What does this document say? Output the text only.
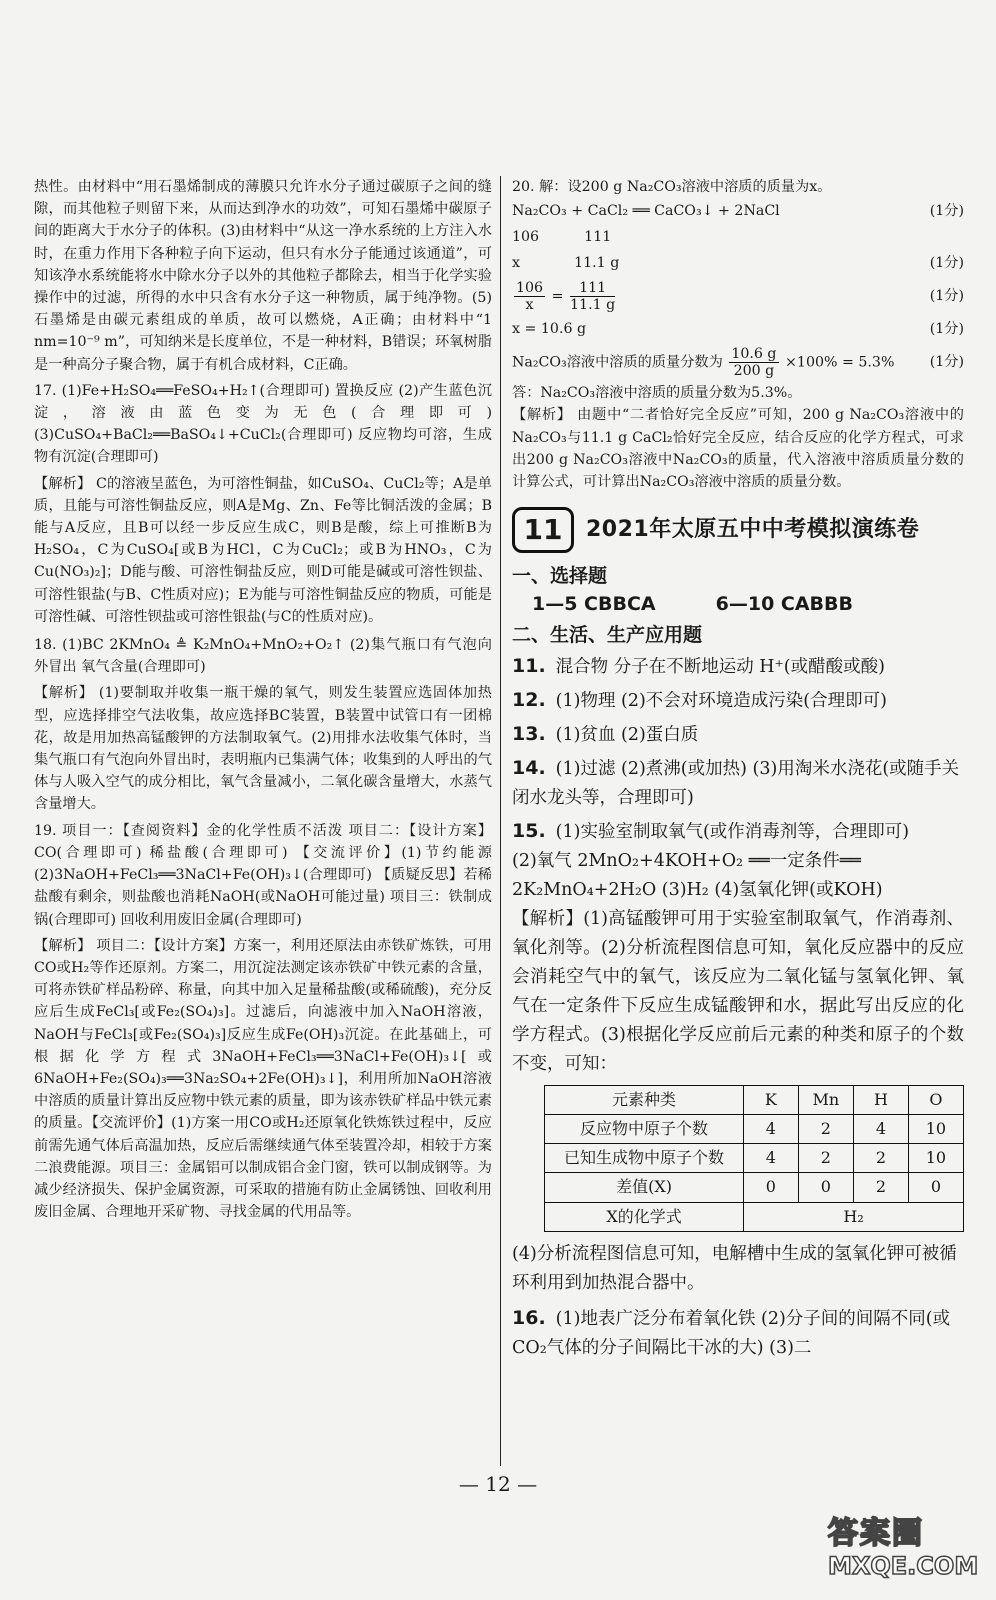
热性。由材料中“用石墨烯制成的薄膜只允许水分子通过碳原子之间的缝隙，而其他粒子则留下来，从而达到净水的功效”，可知石墨烯中碳原子间的距离大于水分子的体积。(3)由材料中“从这一净水系统的上方注入水时，在重力作用下各种粒子向下运动，但只有水分子能通过该通道”，可知该净水系统能将水中除水分子以外的其他粒子都除去，相当于化学实验操作中的过滤，所得的水中只含有水分子这一种物质，属于纯净物。(5)石墨烯是由碳元素组成的单质，故可以燃烧，A正确；由材料中“1 nm=10⁻⁹ m”，可知纳米是长度单位，不是一种材料，B错误；环氧树脂是一种高分子聚合物，属于有机合成材料，C正确。

17. (1)Fe+H₂SO₄══FeSO₄+H₂↑(合理即可) 置换反应 (2)产生蓝色沉淀，溶液由蓝色变为无色(合理即可) (3)CuSO₄+BaCl₂══BaSO₄↓+CuCl₂(合理即可) 反应物均可溶，生成物有沉淀(合理即可)

【解析】 C的溶液呈蓝色，为可溶性铜盐，如CuSO₄、CuCl₂等；A是单质，且能与可溶性铜盐反应，则A是Mg、Zn、Fe等比铜活泼的金属；B能与A反应，且B可以经一步反应生成C，则B是酸，综上可推断B为H₂SO₄，C为CuSO₄[或B为HCl，C为CuCl₂；或B为HNO₃，C为Cu(NO₃)₂]；D能与酸、可溶性铜盐反应，则D可能是碱或可溶性钡盐、可溶性银盐(与B、C性质对应)；E为能与可溶性铜盐反应的物质，可能是可溶性碱、可溶性钡盐或可溶性银盐(与C的性质对应)。

18. (1)BC 2KMnO₄ ≜ K₂MnO₄+MnO₂+O₂↑ (2)集气瓶口有气泡向外冒出 氧气含量(合理即可)

【解析】 (1)要制取并收集一瓶干燥的氧气，则发生装置应选固体加热型，应选择排空气法收集，故应选择BC装置，B装置中试管口有一团棉花，故是用加热高锰酸钾的方法制取氧气。(2)用排水法收集气体时，当集气瓶口有气泡向外冒出时，表明瓶内已集满气体；收集到的人呼出的气体与人吸入空气的成分相比，氧气含量减小，二氧化碳含量增大，水蒸气含量增大。

19. 项目一：【查阅资料】金的化学性质不活泼 项目二：【设计方案】CO(合理即可) 稀盐酸(合理即可) 【交流评价】(1)节约能源 (2)3NaOH+FeCl₃══3NaCl+Fe(OH)₃↓(合理即可) 【质疑反思】若稀盐酸有剩余，则盐酸也消耗NaOH(或NaOH可能过量) 项目三：铁制成锅(合理即可) 回收利用废旧金属(合理即可)

【解析】 项目二：【设计方案】方案一，利用还原法由赤铁矿炼铁，可用CO或H₂等作还原剂。方案二，用沉淀法测定该赤铁矿中铁元素的含量，可将赤铁矿样品粉碎、称量，向其中加入足量稀盐酸(或稀硫酸)，充分反应后生成FeCl₃[或Fe₂(SO₄)₃]。过滤后，向滤液中加入NaOH溶液，NaOH与FeCl₃[或Fe₂(SO₄)₃]反应生成Fe(OH)₃沉淀。在此基础上，可根据化学方程式3NaOH+FeCl₃══3NaCl+Fe(OH)₃↓[或6NaOH+Fe₂(SO₄)₃══3Na₂SO₄+2Fe(OH)₃↓]，利用所加NaOH溶液中溶质的质量计算出反应物中铁元素的质量，即为该赤铁矿样品中铁元素的质量。【交流评价】(1)方案一用CO或H₂还原氧化铁炼铁过程中，反应前需先通气体后高温加热，反应后需继续通气体至装置冷却，相较于方案二浪费能源。项目三：金属铝可以制成铝合金门窗，铁可以制成钢等。为减少经济损失、保护金属资源，可采取的措施有防止金属锈蚀、回收利用废旧金属、合理地开采矿物、寻找金属的代用品等。

20. 解：设200 g Na₂CO₃溶液中溶质的质量为x。

Na₂CO₃ + CaCl₂ ══ CaCO₃↓ + 2NaCl	(1分)
106          111
x            11.1 g	(1分)
$\frac{106}{x} = \frac{111}{11.1 g}$	(1分)
x = 10.6 g	(1分)
Na₂CO₃溶液中溶质的质量分数为 $\frac{10.6 g}{200 g} \times 100\% = 5.3\%$ (1分)

答：Na₂CO₃溶液中溶质的质量分数为5.3%。

【解析】 由题中“二者恰好完全反应”可知，200 g Na₂CO₃溶液中的Na₂CO₃与11.1 g CaCl₂恰好完全反应，结合反应的化学方程式，可求出200 g Na₂CO₃溶液中Na₂CO₃的质量，代入溶液中溶质质量分数的计算公式，可计算出Na₂CO₃溶液中溶质的质量分数。

11	2021年太原五中中考模拟演练卷
一、选择题
1—5 CBBCA	6—10 CABBB
二、生活、生产应用题
11. 混合物 分子在不断地运动 H⁺(或醋酸或酸)
12. (1)物理 (2)不会对环境造成污染(合理即可)
13. (1)贫血 (2)蛋白质
14. (1)过滤 (2)煮沸(或加热) (3)用淘米水浇花(或随手关闭水龙头等，合理即可)
15. (1)实验室制取氧气(或作消毒剂等，合理即可)
(2)氧气 2MnO₂+4KOH+O₂ ══一定条件══ 2K₂MnO₄+2H₂O (3)H₂ (4)氢氧化钾(或KOH)
【解析】(1)高锰酸钾可用于实验室制取氧气，作消毒剂、氧化剂等。(2)分析流程图信息可知，氧化反应器中的反应会消耗空气中的氧气，该反应为二氧化锰与氢氧化钾、氧气在一定条件下反应生成锰酸钾和水，据此写出反应的化学方程式。(3)根据化学反应前后元素的种类和原子的个数不变，可知：
元素种类	K	Mn	H	O
反应物中原子个数	4	2	4	10
已知生成物中原子个数	4	2	2	10
差值(X)	0	0	2	0
X的化学式	H₂			
(4)分析流程图信息可知，电解槽中生成的氢氧化钾可被循环利用到加热混合器中。
16. (1)地表广泛分布着氧化铁 (2)分子间的间隔不同(或CO₂气体的分子间隔比干冰的大) (3)二
— 12 —
答案圈
MXQE.COM
